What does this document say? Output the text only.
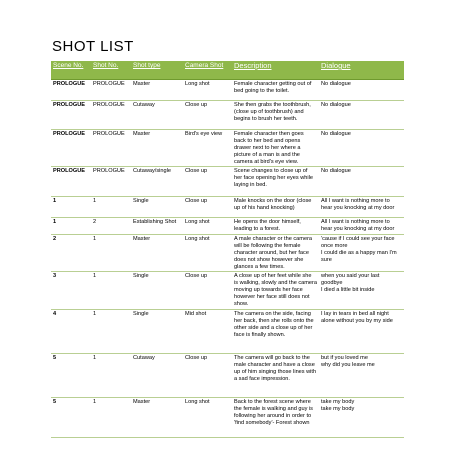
SHOT LIST
Scene No.	Shot No.	Shot type	Camera Shot	Description	Dialogue
PROLOGUE	PROLOGUE	Master	Long shot	Female character getting out of bed going to the toilet.	No dialogue

PROLOGUE	PROLOGUE	Cutaway	Close up	She then grabs the toothbrush, (close up of toothbrush) and begins to brush her teeth.	No dialogue

PROLOGUE	PROLOGUE	Master	Bird's eye view	Female character then goes back to her bed and opens drawer next to her where a picture of a man is and the camera at bird's eye view.	No dialogue

PROLOGUE	PROLOGUE	Cutaway/single	Close up	Scene changes to close up of her face opening her eyes while laying in bed.	No dialogue

1	1	Single	Close up	Male knocks on the door (close up of his hand knocking)	All I want is nothing more to hear you knocking at my door

1	2	Establishing Shot	Long shot	He opens the door himself, leading to a forest.	All I want is nothing more to hear you knocking at my door

2	1	Master	Long shot	A male character or the camera will be following the female character around, but her face does not show however she glances a few times.	'cause if I could see your face once more
I could die as a happy man I'm sure

3	1	Single	Close up	A close up of her feet while she is walking, slowly and the camera moving up towards her face however her face still does not show.	when you said your last goodbye
I died a little bit inside

4	1	Single	Mid shot	The camera on the side, facing her back, then she rolls onto the other side and a close up of her face is finally shown.	I lay in tears in bed all night
alone without you by my side

5	1	Cutaway	Close up	The camera will go back to the male character and have a close up of him singing those lines with a sad face impression.	but if you loved me
why did you leave me

5	1	Master	Long shot	Back to the forest scene where the female is walking and guy is following her around in order to 'find somebody'- Forest shown	take my body
take my body
